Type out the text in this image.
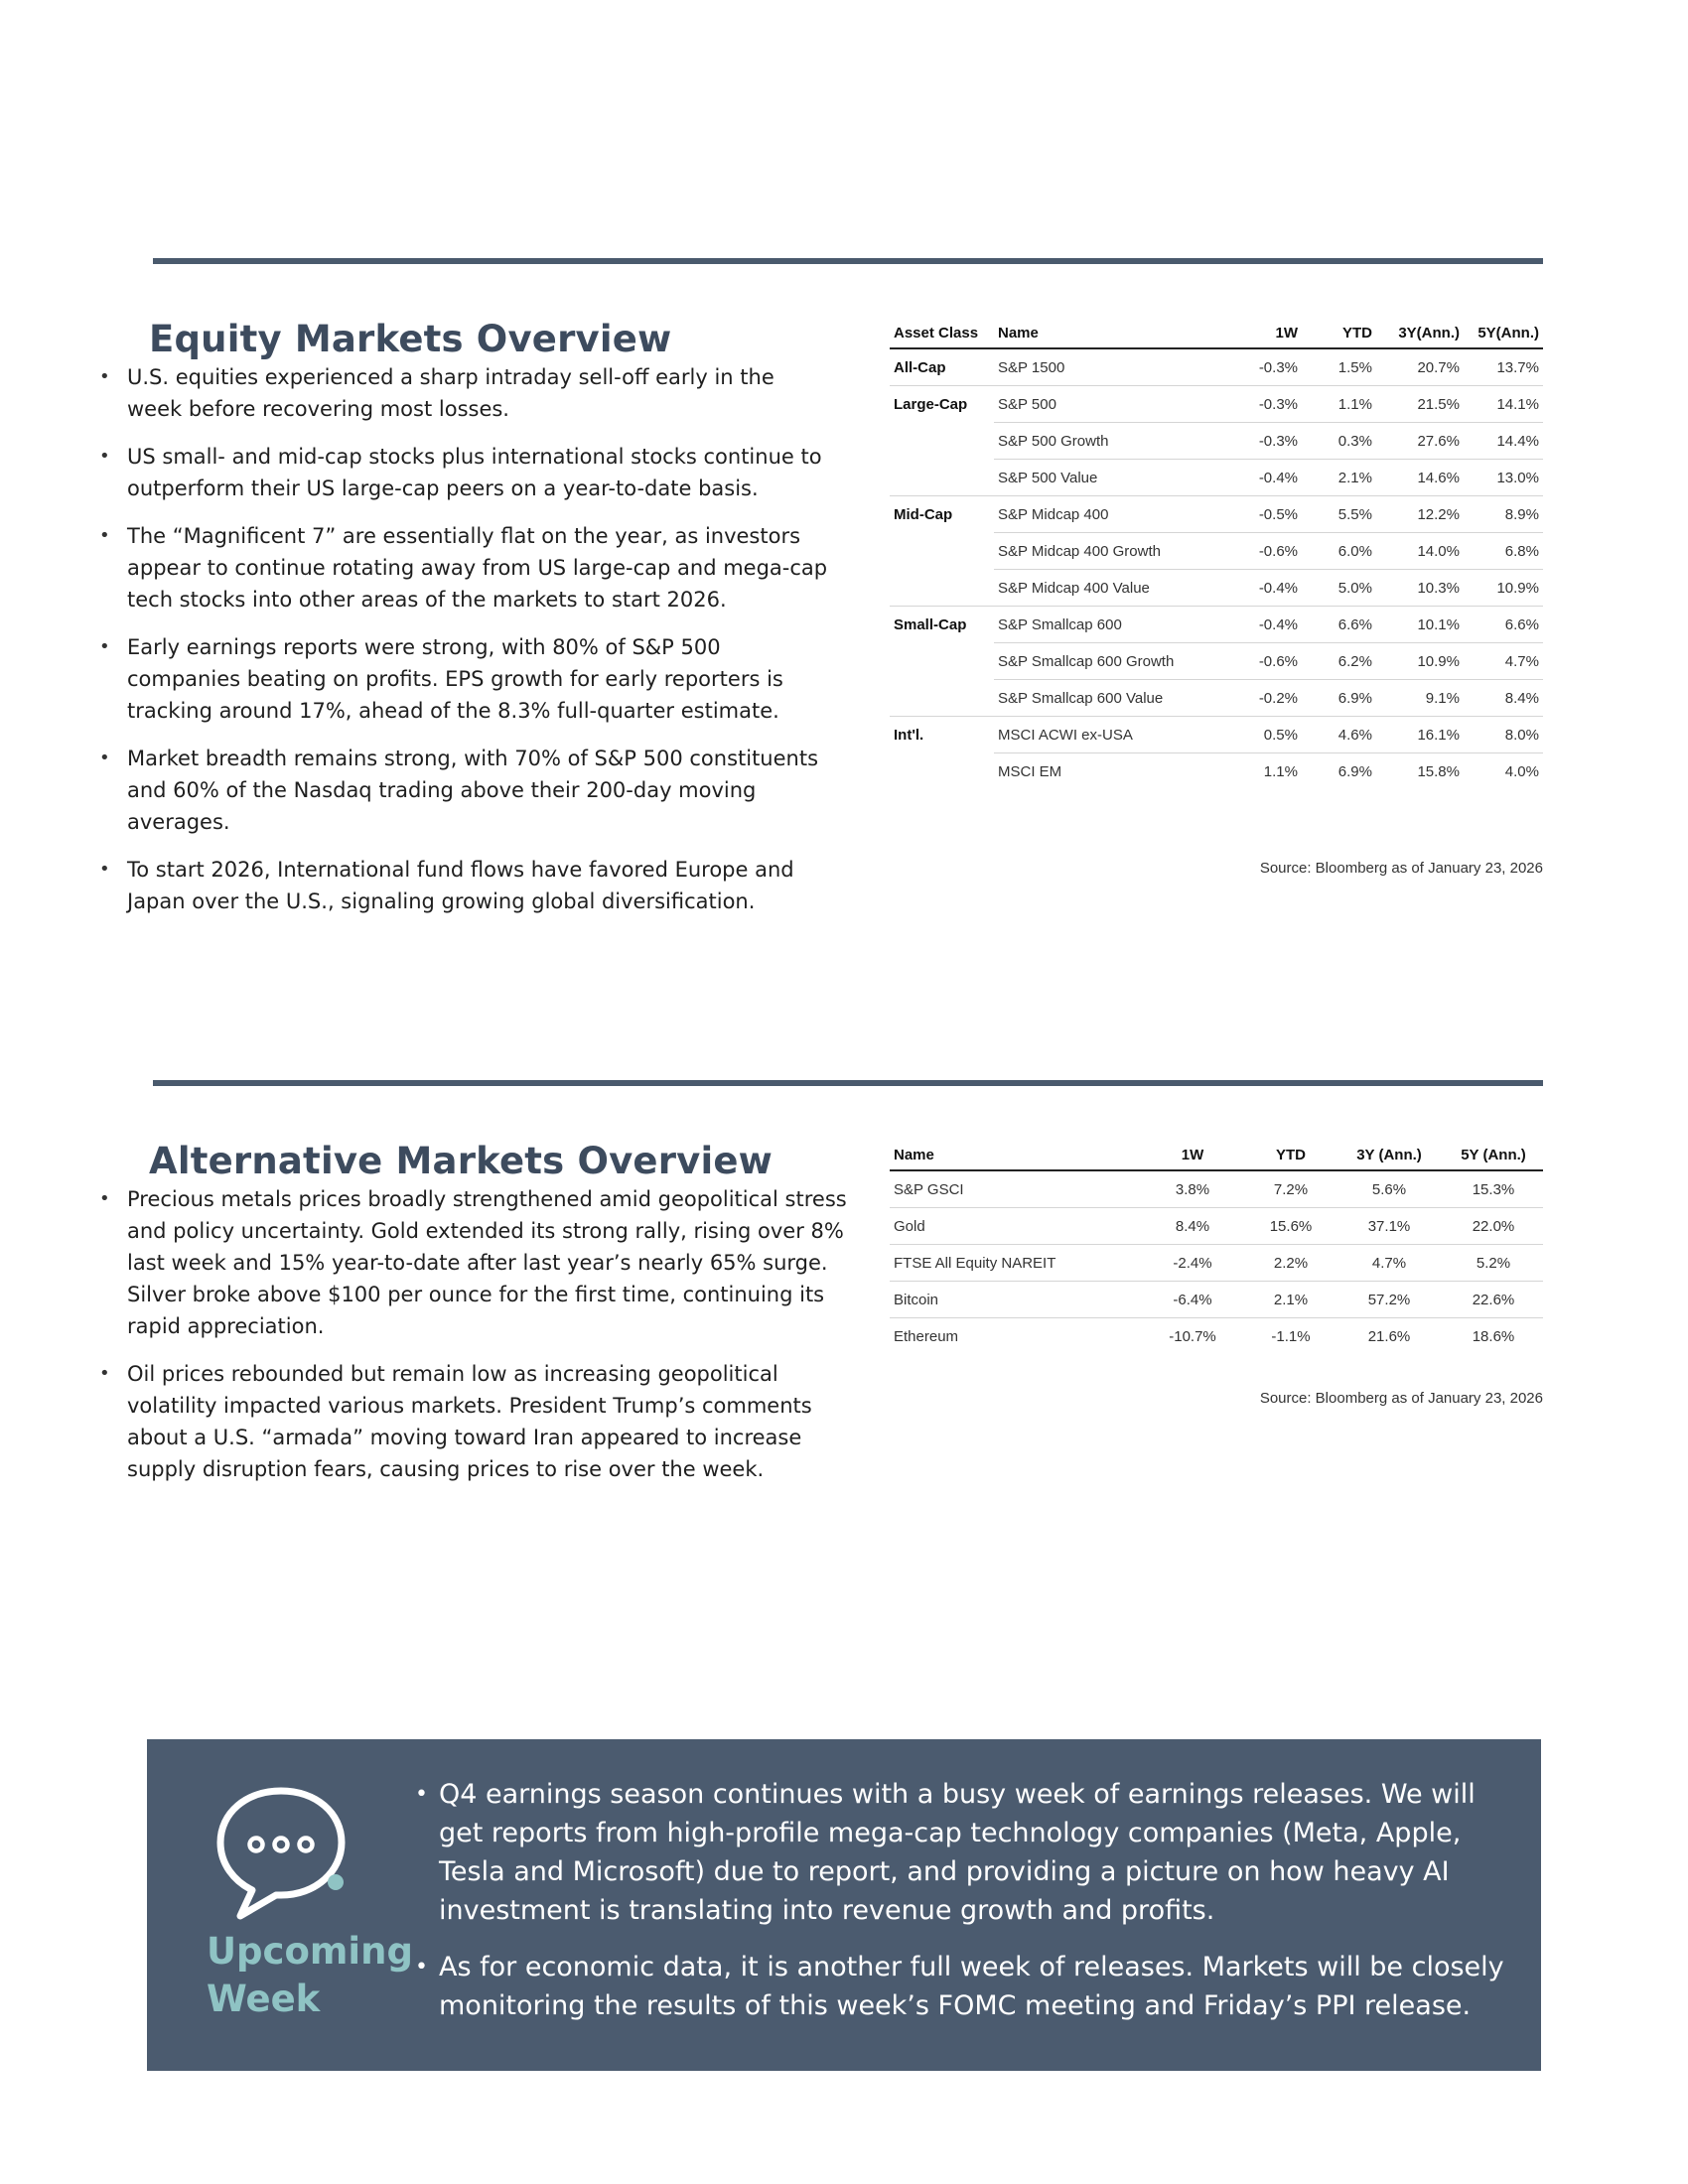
Equity Markets Overview
• U.S. equities experienced a sharp intraday sell-off early in the week before recovering most losses.
• US small- and mid-cap stocks plus international stocks continue to outperform their US large-cap peers on a year-to-date basis.
• The “Magnificent 7” are essentially flat on the year, as investors appear to continue rotating away from US large-cap and mega-cap tech stocks into other areas of the markets to start 2026.
• Early earnings reports were strong, with 80% of S&P 500 companies beating on profits. EPS growth for early reporters is tracking around 17%, ahead of the 8.3% full-quarter estimate.
• Market breadth remains strong, with 70% of S&P 500 constituents and 60% of the Nasdaq trading above their 200-day moving averages.
• To start 2026, International fund flows have favored Europe and Japan over the U.S., signaling growing global diversification.
Asset Class	Name	1W	YTD	3Y(Ann.)	5Y(Ann.)
All-Cap	S&P 1500	-0.3%	1.5%	20.7%	13.7%
Large-Cap	S&P 500	-0.3%	1.1%	21.5%	14.1%
	S&P 500 Growth	-0.3%	0.3%	27.6%	14.4%
	S&P 500 Value	-0.4%	2.1%	14.6%	13.0%
Mid-Cap	S&P Midcap 400	-0.5%	5.5%	12.2%	8.9%
	S&P Midcap 400 Growth	-0.6%	6.0%	14.0%	6.8%
	S&P Midcap 400 Value	-0.4%	5.0%	10.3%	10.9%
Small-Cap	S&P Smallcap 600	-0.4%	6.6%	10.1%	6.6%
	S&P Smallcap 600 Growth	-0.6%	6.2%	10.9%	4.7%
	S&P Smallcap 600 Value	-0.2%	6.9%	9.1%	8.4%
Int'l.	MSCI ACWI ex-USA	0.5%	4.6%	16.1%	8.0%
	MSCI EM	1.1%	6.9%	15.8%	4.0%
Source: Bloomberg as of January 23, 2026
Alternative Markets Overview
• Precious metals prices broadly strengthened amid geopolitical stress and policy uncertainty. Gold extended its strong rally, rising over 8% last week and 15% year-to-date after last year’s nearly 65% surge. Silver broke above $100 per ounce for the first time, continuing its rapid appreciation.
• Oil prices rebounded but remain low as increasing geopolitical volatility impacted various markets. President Trump’s comments about a U.S. “armada” moving toward Iran appeared to increase supply disruption fears, causing prices to rise over the week.
Name	1W	YTD	3Y (Ann.)	5Y (Ann.)
S&P GSCI	3.8%	7.2%	5.6%	15.3%
Gold	8.4%	15.6%	37.1%	22.0%
FTSE All Equity NAREIT	-2.4%	2.2%	4.7%	5.2%
Bitcoin	-6.4%	2.1%	57.2%	22.6%
Ethereum	-10.7%	-1.1%	21.6%	18.6%
Source: Bloomberg as of January 23, 2026
Upcoming
Week
• Q4 earnings season continues with a busy week of earnings releases. We will get reports from high-profile mega-cap technology companies (Meta, Apple, Tesla and Microsoft) due to report, and providing a picture on how heavy AI investment is translating into revenue growth and profits.
• As for economic data, it is another full week of releases. Markets will be closely monitoring the results of this week’s FOMC meeting and Friday’s PPI release.
